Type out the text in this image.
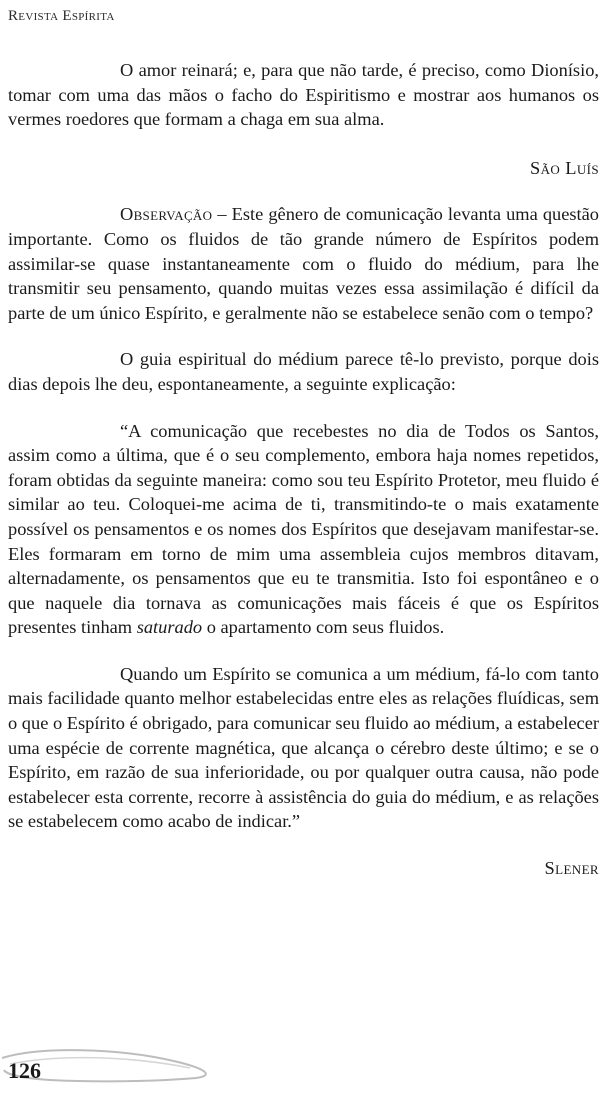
Revista Espírita

O amor reinará; e, para que não tarde, é preciso, como Dionísio, tomar com uma das mãos o facho do Espiritismo e mostrar aos humanos os vermes roedores que formam a chaga em sua alma.

São Luís

Observação – Este gênero de comunicação levanta uma questão importante. Como os fluidos de tão grande número de Espíritos podem assimilar-se quase instantaneamente com o fluido do médium, para lhe transmitir seu pensamento, quando muitas vezes essa assimilação é difícil da parte de um único Espírito, e geralmente não se estabelece senão com o tempo?

O guia espiritual do médium parece tê-lo previsto, porque dois dias depois lhe deu, espontaneamente, a seguinte explicação:

“A comunicação que recebestes no dia de Todos os Santos, assim como a última, que é o seu complemento, embora haja nomes repetidos, foram obtidas da seguinte maneira: como sou teu Espírito Protetor, meu fluido é similar ao teu. Coloquei-me acima de ti, transmitindo-te o mais exatamente possível os pensamentos e os nomes dos Espíritos que desejavam manifestar-se. Eles formaram em torno de mim uma assembleia cujos membros ditavam, alternadamente, os pensamentos que eu te transmitia. Isto foi espontâneo e o que naquele dia tornava as comunicações mais fáceis é que os Espíritos presentes tinham saturado o apartamento com seus fluidos.

Quando um Espírito se comunica a um médium, fá-lo com tanto mais facilidade quanto melhor estabelecidas entre eles as relações fluídicas, sem o que o Espírito é obrigado, para comunicar seu fluido ao médium, a estabelecer uma espécie de corrente magnética, que alcança o cérebro deste último; e se o Espírito, em razão de sua inferioridade, ou por qualquer outra causa, não pode estabelecer esta corrente, recorre à assistência do guia do médium, e as relações se estabelecem como acabo de indicar.”

Slener

126
